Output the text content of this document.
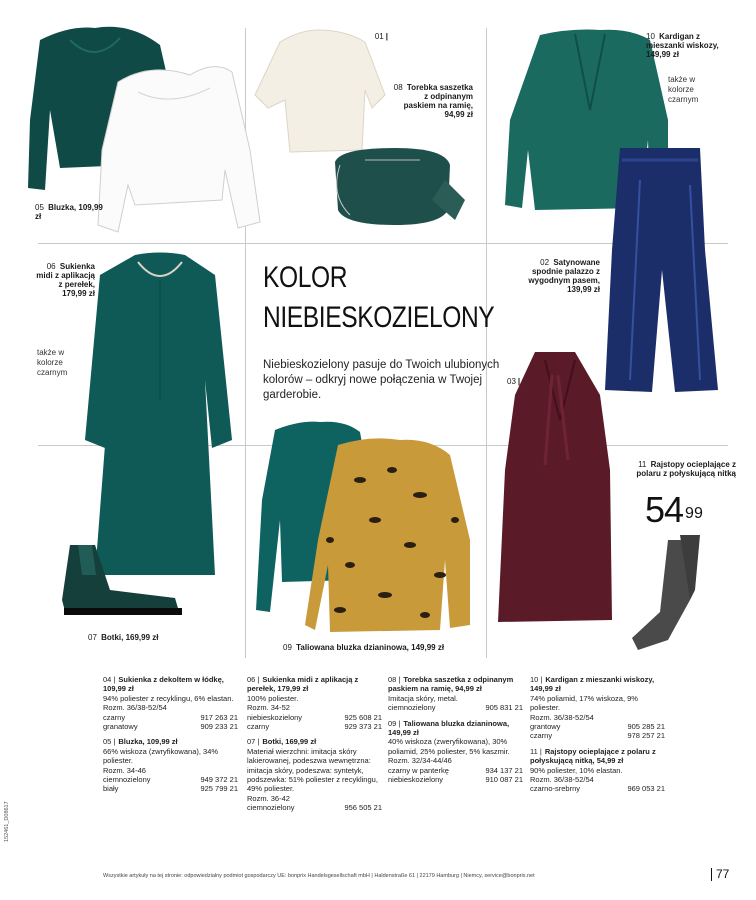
01 |
05 Bluzka, 109,99 zł
08 Torebka saszetka z odpinanym paskiem na ramię, 94,99 zł
10 Kardigan z mieszanki wiskozy, 149,99 zł
także w kolorze czarnym
06 Sukienka midi z aplikacją z perełek, 179,99 zł
także w kolorze czarnym
02 Satynowane spodnie palazzo z wygodnym pasem, 139,99 zł
03 |
11 Rajstopy ocieplające z polaru z połyskującą nitką
54 $^{99}$
07 Botki, 169,99 zł
09 Taliowana bluzka dzianinowa, 149,99 zł
KOLOR
NIEBIESKOZIELONY
Niebieskozielony pasuje do Twoich ulubionych kolorów – odkryj nowe połączenia w Twojej garderobie.
04 | Sukienka z dekoltem w łódkę, 109,99 zł
94% poliester z recyklingu, 6% elastan.
Rozm. 36/38-52/54
czarny	917 263 21
granatowy	909 233 21
05 | Bluzka, 109,99 zł
66% wiskoza (zwryfikowana), 34% poliester.
Rozm. 34-46
ciemnozielony	949 372 21
biały	925 799 21
06 | Sukienka midi z aplikacją z perełek, 179,99 zł
100% poliester.
Rozm. 34-52
niebieskozielony	925 608 21
czarny	929 373 21
07 | Botki, 169,99 zł
Materiał wierzchni: imitacja skóry lakierowanej, podeszwa wewnętrzna: imitacja skóry, podeszwa: syntetyk, podszewka: 51% poliester z recyklingu, 49% poliester.
Rozm. 36-42
ciemnozielony	956 505 21
08 | Torebka saszetka z odpinanym paskiem na ramię, 94,99 zł
Imitacja skóry, metal.
ciemnozielony	905 831 21
09 | Taliowana bluzka dzianinowa, 149,99 zł
40% wiskoza (zweryfikowana), 30% poliamid, 25% poliester, 5% kaszmir.
Rozm. 32/34-44/46
czarny w panterkę	934 137 21
niebieskozielony	910 087 21
10 | Kardigan z mieszanki wiskozy, 149,99 zł
74% poliamid, 17% wiskoza, 9% poliester.
Rozm. 36/38-52/54
grantowy	905 285 21
czarny	978 257 21
11 | Rajstopy ocieplające z polaru z połyskującą nitką, 54,99 zł
90% poliester, 10% elastan.
Rozm. 36/38-52/54
czarno-srebrny	969 053 21
Wszystkie artykuły na tej stronie: odpowiedzialny podmiot gospodarczy UE: bonprix Handelsgesellschaft mbH | Haldenstraße 61 | 22179 Hamburg | Niemcy, service@bonprix.net	77
152461_D08617
